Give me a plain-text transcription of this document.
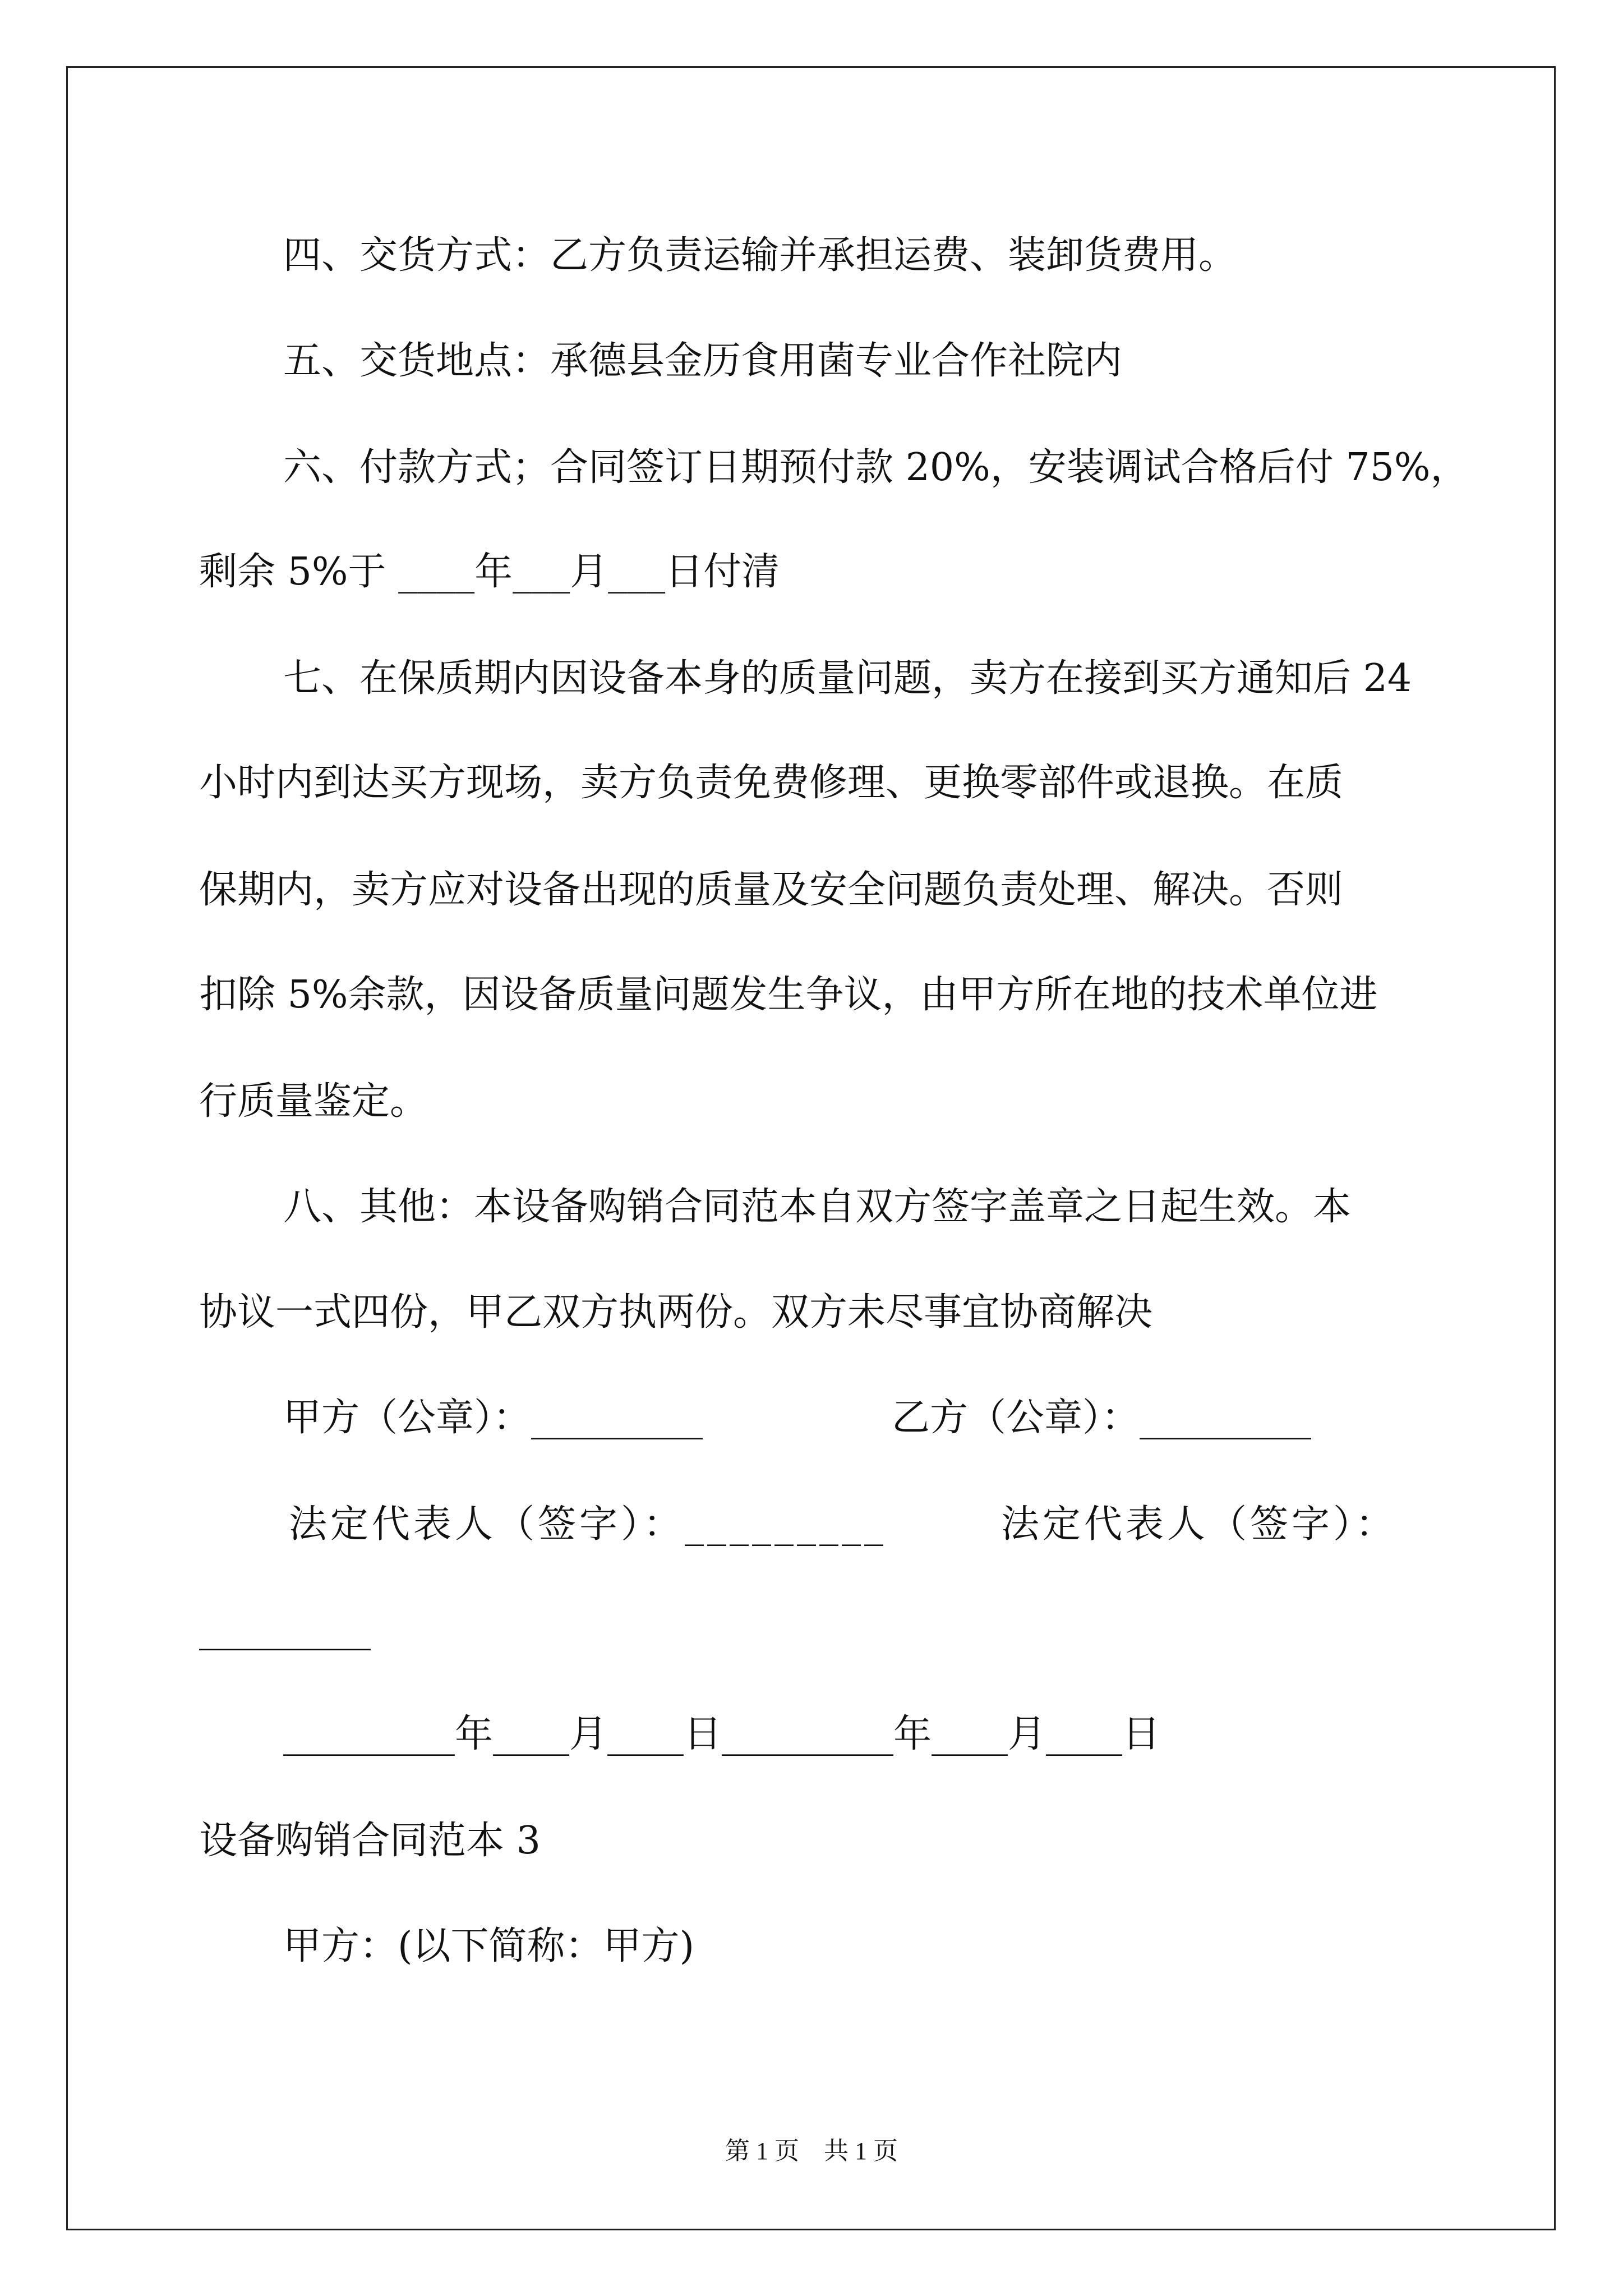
四、交货方式：乙方负责运输并承担运费、装卸货费用。
五、交货地点：承德县金历食用菌专业合作社院内
六、付款方式；合同签订日期预付款 20%，安装调试合格后付 75%，
剩余 5%于 ____年___月___日付清
七、在保质期内因设备本身的质量问题，卖方在接到买方通知后 24
小时内到达买方现场，卖方负责免费修理、更换零部件或退换。在质
保期内，卖方应对设备出现的质量及安全问题负责处理、解决。否则
扣除 5%余款，因设备质量问题发生争议，由甲方所在地的技术单位进
行质量鉴定。
八、其他：本设备购销合同范本自双方签字盖章之日起生效。本
协议一式四份，甲乙双方执两份。双方未尽事宜协商解决
甲方（公章）：_________	乙方（公章）：_________
法定代表人（签字）：_________	法定代表人（签字）：
_________
_________年____月____日_________年____月____日
设备购销合同范本 3
甲方：(以下简称：甲方)
第 1 页　共 1 页
